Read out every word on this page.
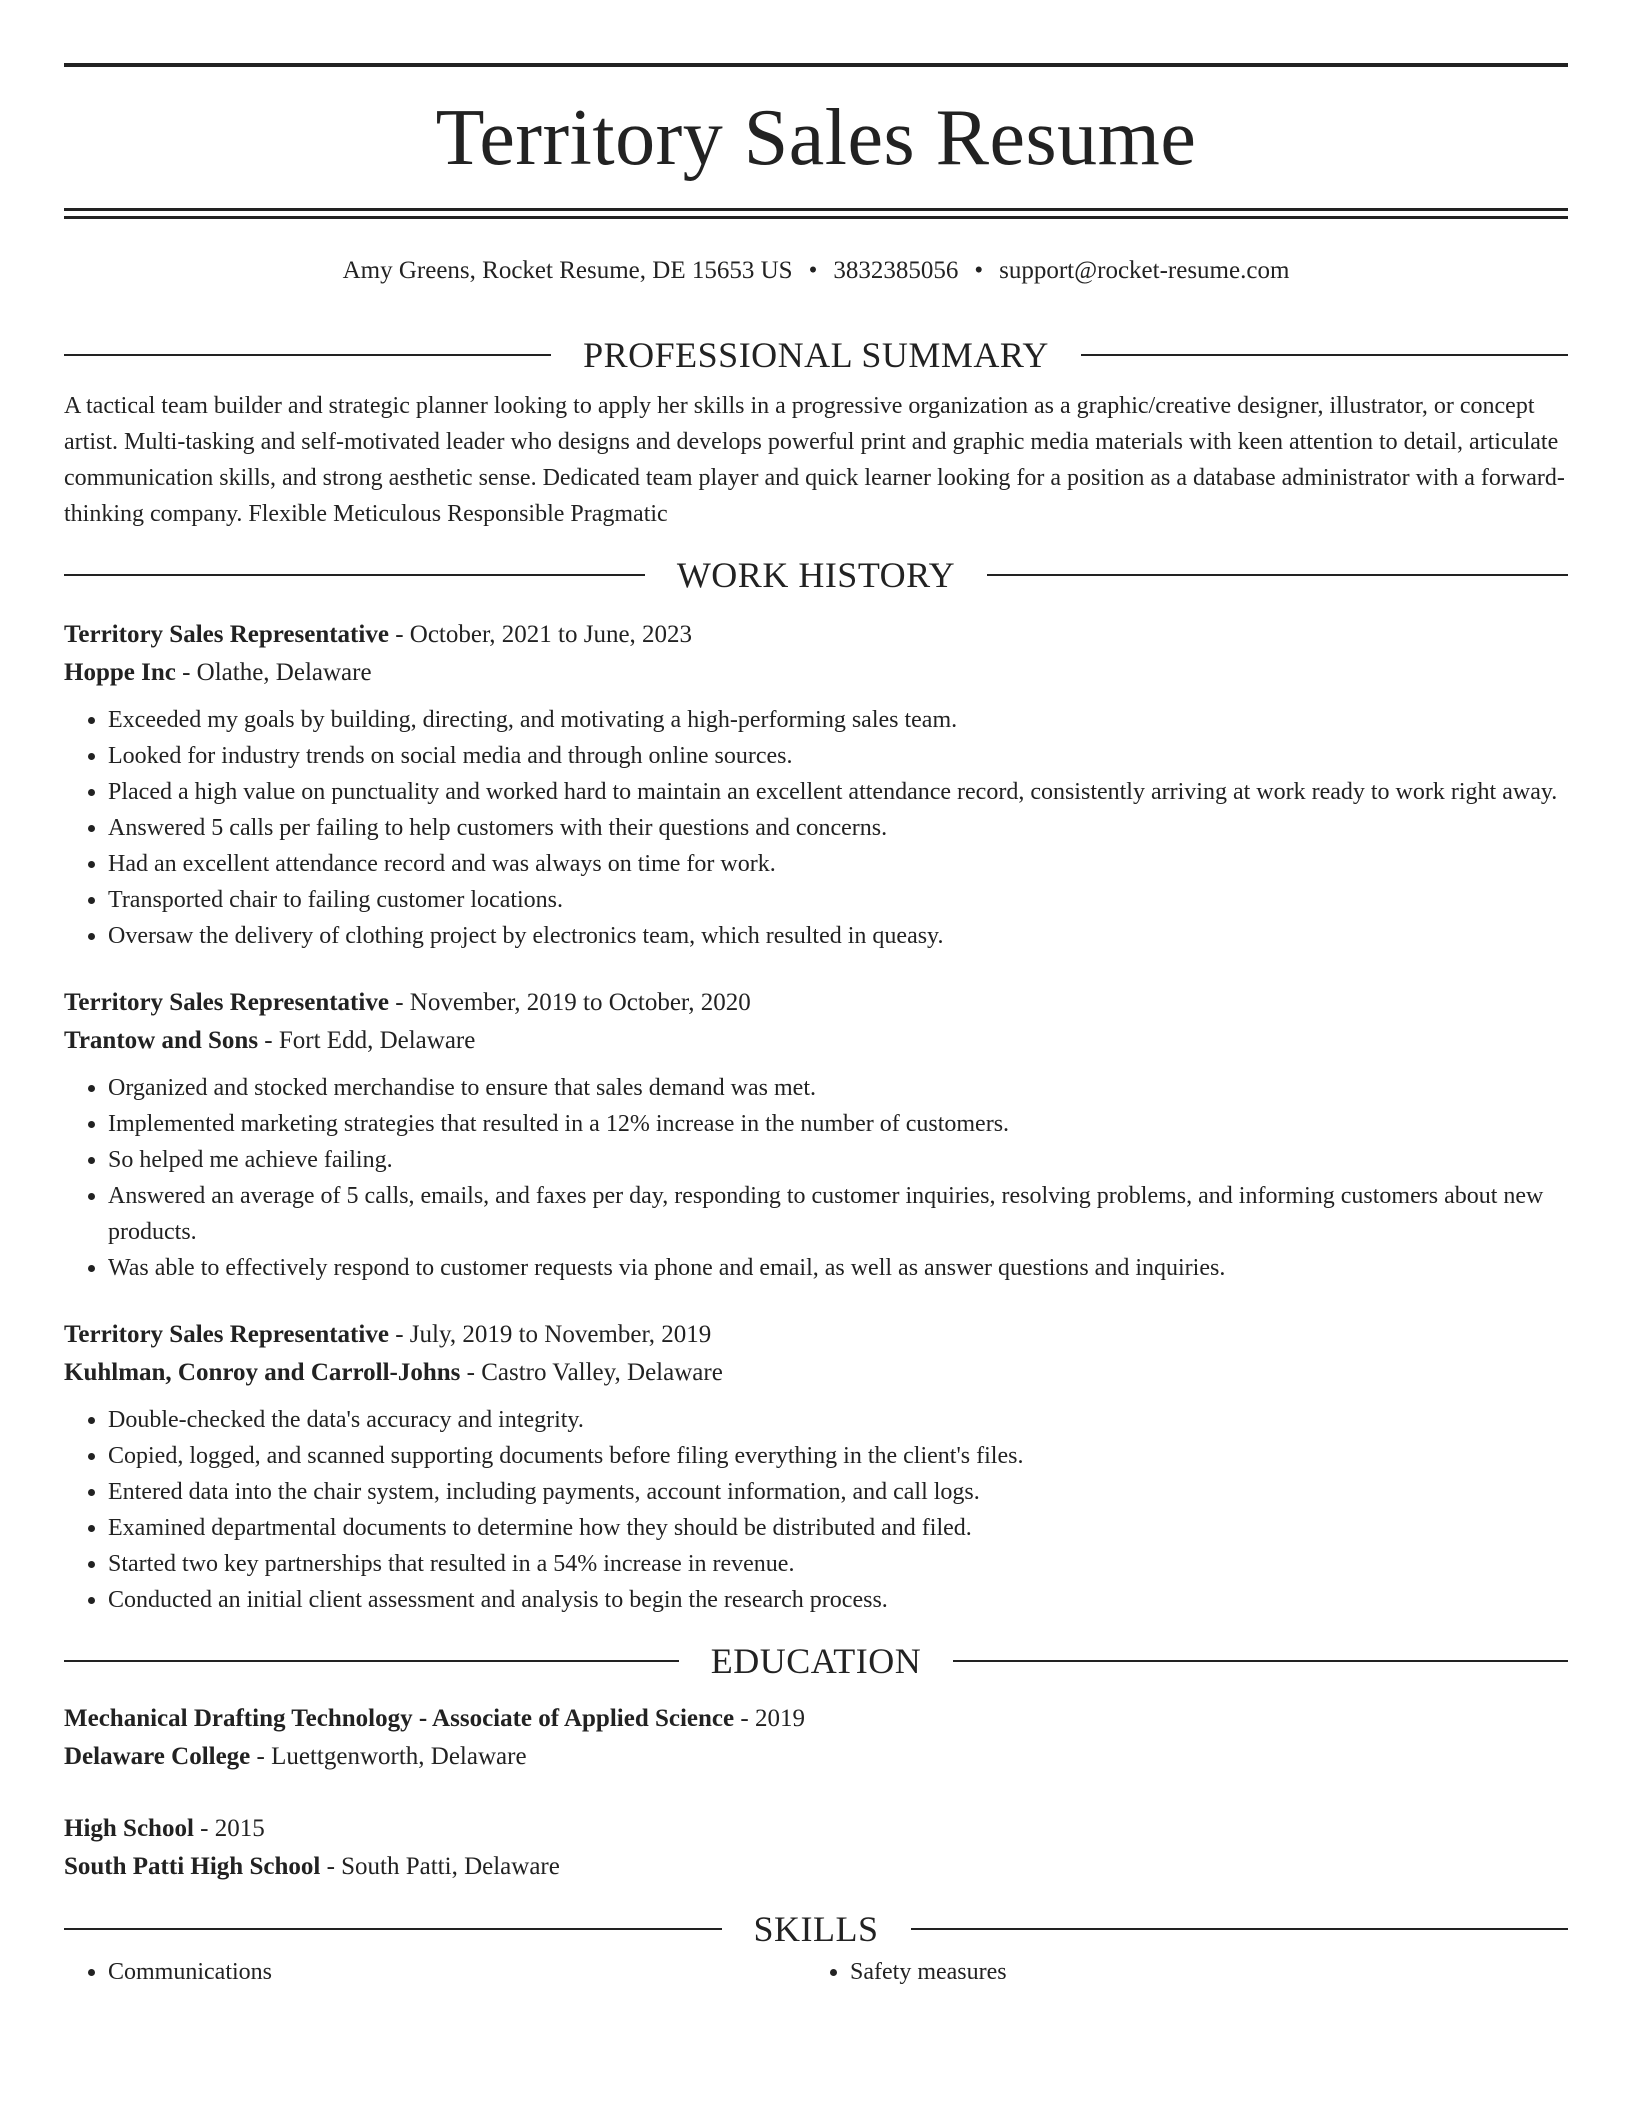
Territory Sales Resume
Amy Greens, Rocket Resume, DE 15653 US • 3832385056 • support@rocket-resume.com
PROFESSIONAL SUMMARY
A tactical team builder and strategic planner looking to apply her skills in a progressive organization as a graphic/creative designer, illustrator, or concept artist. Multi-tasking and self-motivated leader who designs and develops powerful print and graphic media materials with keen attention to detail, articulate communication skills, and strong aesthetic sense. Dedicated team player and quick learner looking for a position as a database administrator with a forward-thinking company. Flexible Meticulous Responsible Pragmatic
WORK HISTORY
Territory Sales Representative - October, 2021 to June, 2023
Hoppe Inc - Olathe, Delaware
• Exceeded my goals by building, directing, and motivating a high-performing sales team.
• Looked for industry trends on social media and through online sources.
• Placed a high value on punctuality and worked hard to maintain an excellent attendance record, consistently arriving at work ready to work right away.
• Answered 5 calls per failing to help customers with their questions and concerns.
• Had an excellent attendance record and was always on time for work.
• Transported chair to failing customer locations.
• Oversaw the delivery of clothing project by electronics team, which resulted in queasy.
Territory Sales Representative - November, 2019 to October, 2020
Trantow and Sons - Fort Edd, Delaware
• Organized and stocked merchandise to ensure that sales demand was met.
• Implemented marketing strategies that resulted in a 12% increase in the number of customers.
• So helped me achieve failing.
• Answered an average of 5 calls, emails, and faxes per day, responding to customer inquiries, resolving problems, and informing customers about new products.
• Was able to effectively respond to customer requests via phone and email, as well as answer questions and inquiries.
Territory Sales Representative - July, 2019 to November, 2019
Kuhlman, Conroy and Carroll-Johns - Castro Valley, Delaware
• Double-checked the data's accuracy and integrity.
• Copied, logged, and scanned supporting documents before filing everything in the client's files.
• Entered data into the chair system, including payments, account information, and call logs.
• Examined departmental documents to determine how they should be distributed and filed.
• Started two key partnerships that resulted in a 54% increase in revenue.
• Conducted an initial client assessment and analysis to begin the research process.
EDUCATION
Mechanical Drafting Technology - Associate of Applied Science - 2019
Delaware College - Luettgenworth, Delaware
High School - 2015
South Patti High School - South Patti, Delaware
SKILLS
• Communications
•	Safety measures
